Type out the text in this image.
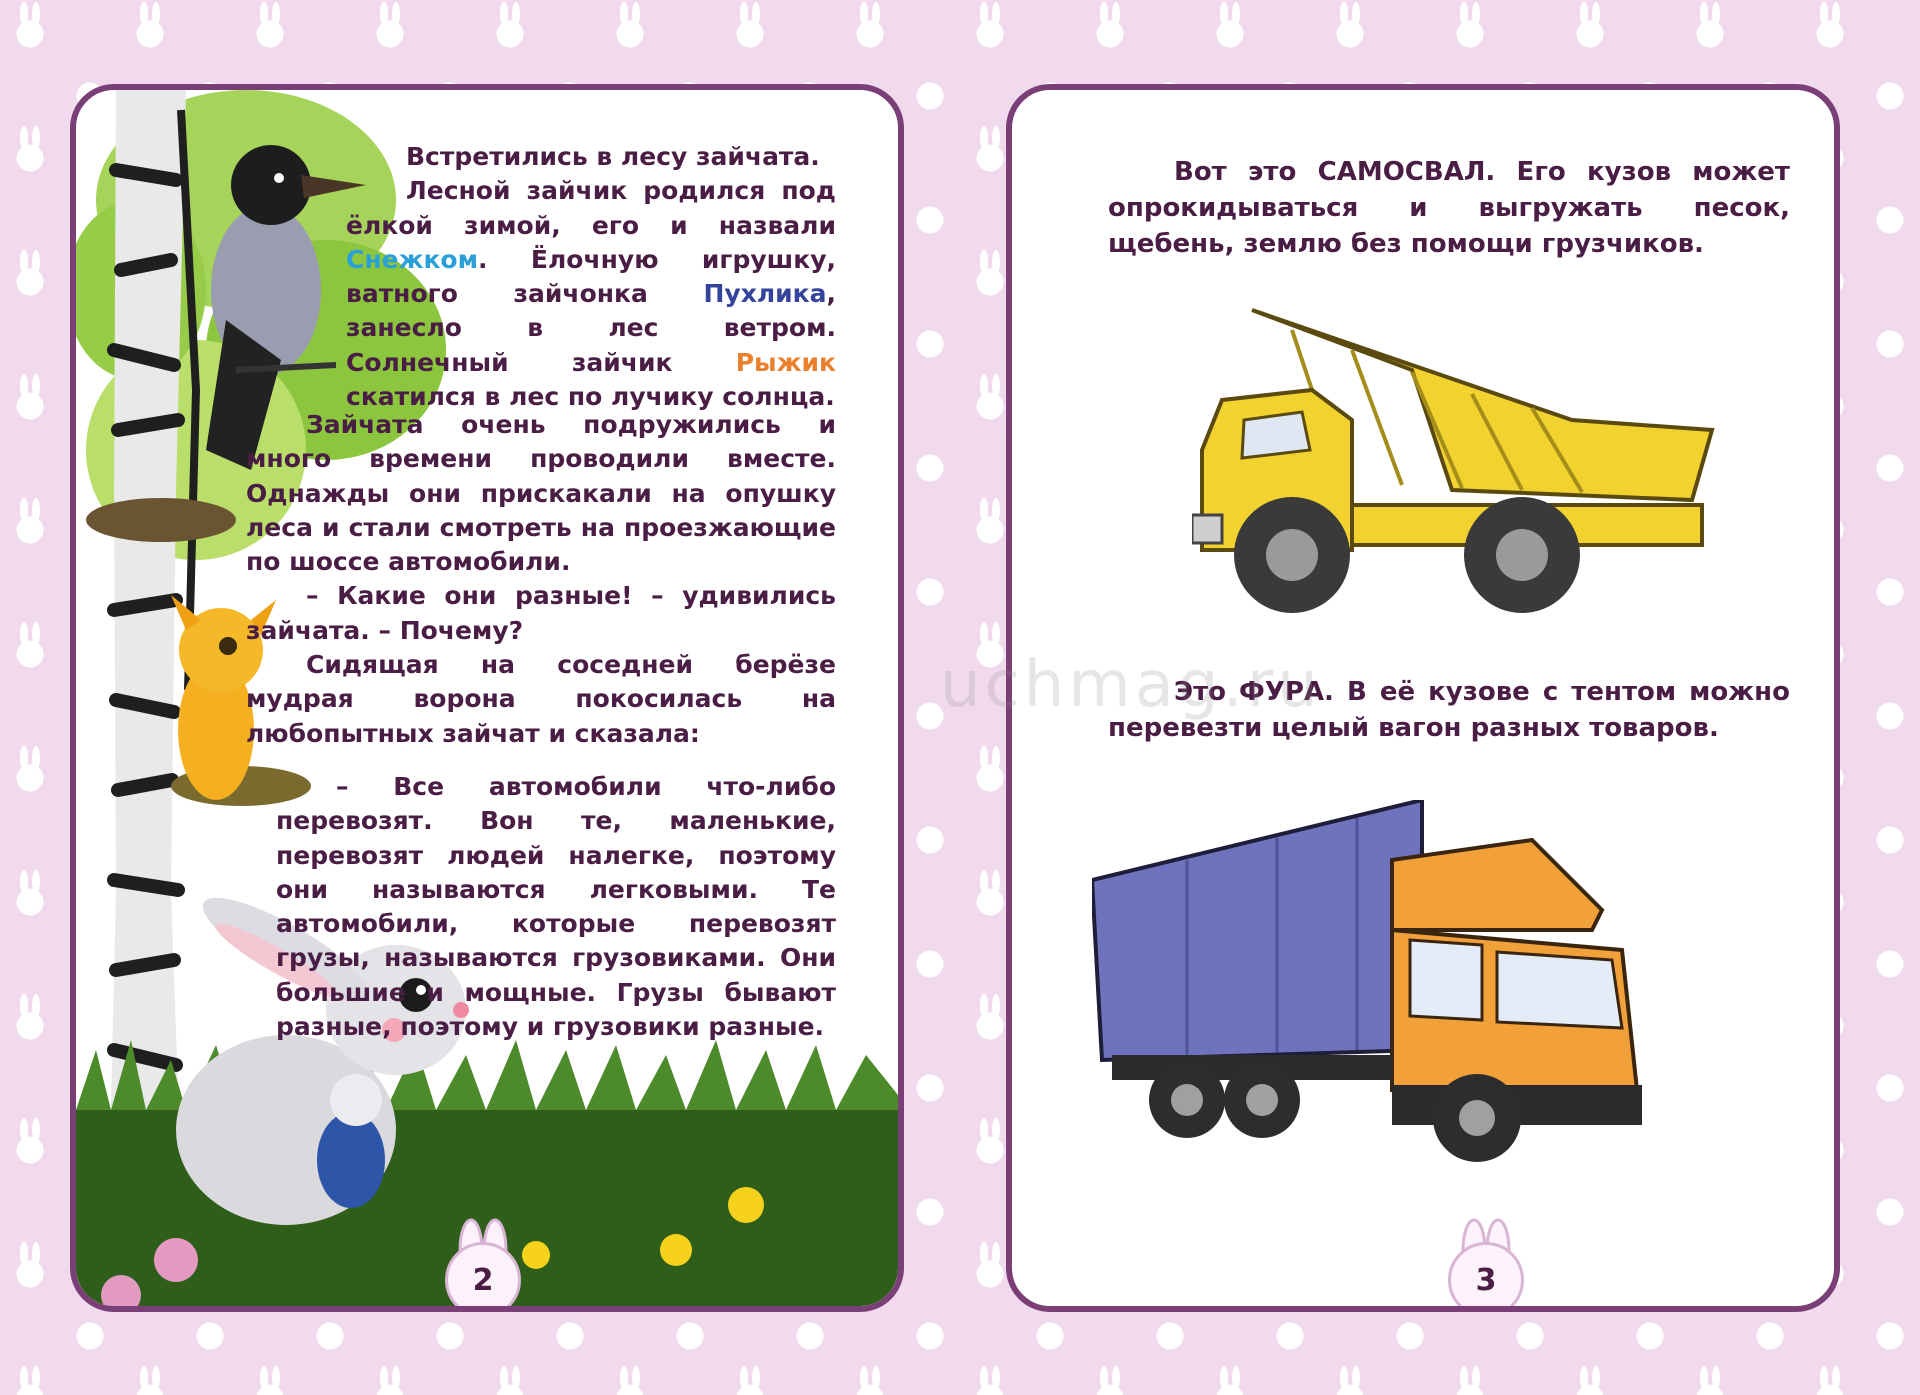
Встретились в лесу зайчата.

Лесной зайчик родился под ёлкой зимой, его и назвали Снежком. Ёлочную игрушку, ватного зайчонка Пухлика, занесло в лес ветром. Солнечный зайчик Рыжик скатился в лес по лучику солнца.

Зайчата очень подружились и много времени проводили вместе. Однажды они прискакали на опушку леса и стали смотреть на проезжающие по шоссе автомобили.

– Какие они разные! – удивились зайчата. – Почему?

Сидящая на соседней берёзе мудрая ворона покосилась на любопытных зайчат и сказала:

– Все автомобили что-либо перевозят. Вон те, маленькие, перевозят людей налегке, поэтому они называются легковыми. Те автомобили, которые перевозят грузы, называются грузовиками. Они большие и мощные. Грузы бывают разные, поэтому и грузовики разные.

2

Вот это САМОСВАЛ. Его кузов может опрокидываться и выгружать песок, щебень, землю без помощи грузчиков.

Это ФУРА. В её кузове с тентом можно перевезти целый вагон разных товаров.

3
uchmag.ru
